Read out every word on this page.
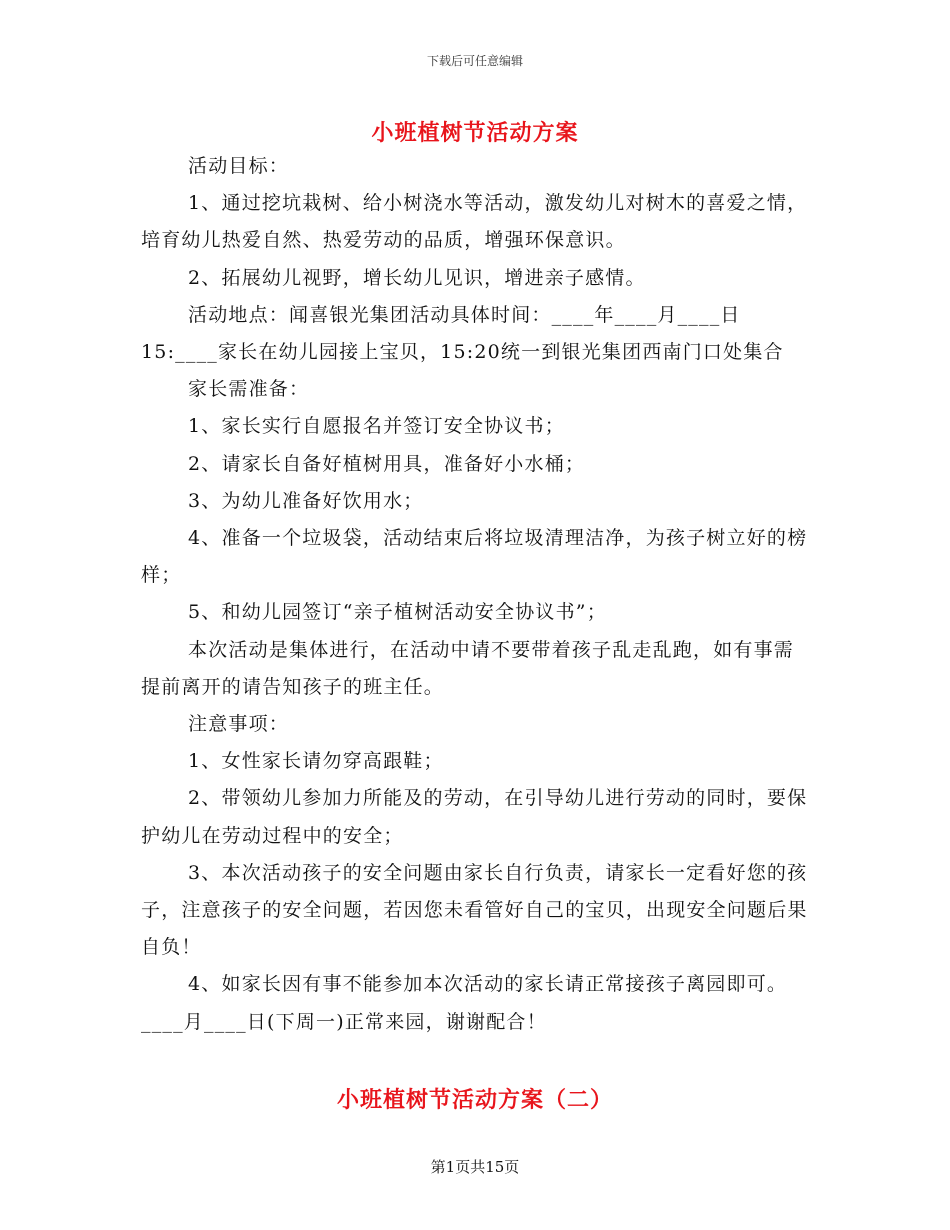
下载后可任意编辑
小班植树节活动方案

活动目标：

1、通过挖坑栽树、给小树浇水等活动，激发幼儿对树木的喜爱之情，培育幼儿热爱自然、热爱劳动的品质，增强环保意识。

2、拓展幼儿视野，增长幼儿见识，增进亲子感情。

活动地点：闻喜银光集团活动具体时间：____年____月____日15:____家长在幼儿园接上宝贝，15:20统一到银光集团西南门口处集合

家长需准备：

1、家长实行自愿报名并签订安全协议书；

2、请家长自备好植树用具，准备好小水桶；

3、为幼儿准备好饮用水；

4、准备一个垃圾袋，活动结束后将垃圾清理洁净，为孩子树立好的榜样；

5、和幼儿园签订“亲子植树活动安全协议书”；

本次活动是集体进行，在活动中请不要带着孩子乱走乱跑，如有事需提前离开的请告知孩子的班主任。

注意事项：

1、女性家长请勿穿高跟鞋；

2、带领幼儿参加力所能及的劳动，在引导幼儿进行劳动的同时，要保护幼儿在劳动过程中的安全；

3、本次活动孩子的安全问题由家长自行负责，请家长一定看好您的孩子，注意孩子的安全问题，若因您未看管好自己的宝贝，出现安全问题后果自负！

4、如家长因有事不能参加本次活动的家长请正常接孩子离园即可。

____月____日(下周一)正常来园，谢谢配合！

小班植树节活动方案（二）
第1页共15页
